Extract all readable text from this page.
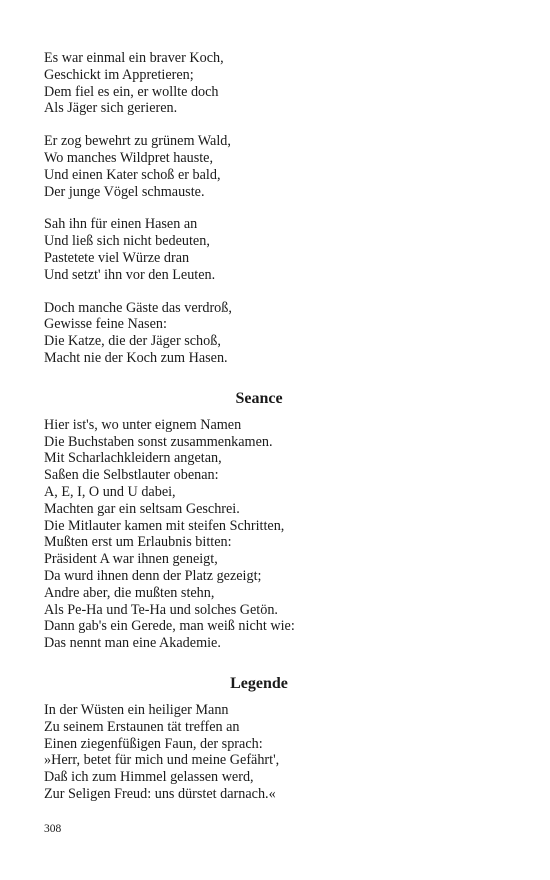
Es war einmal ein braver Koch,
Geschickt im Appretieren;
Dem fiel es ein, er wollte doch
Als Jäger sich gerieren.
Er zog bewehrt zu grünem Wald,
Wo manches Wildpret hauste,
Und einen Kater schoß er bald,
Der junge Vögel schmauste.
Sah ihn für einen Hasen an
Und ließ sich nicht bedeuten,
Pastetete viel Würze dran
Und setzt' ihn vor den Leuten.
Doch manche Gäste das verdroß,
Gewisse feine Nasen:
Die Katze, die der Jäger schoß,
Macht nie der Koch zum Hasen.
Seance
Hier ist's, wo unter eignem Namen
Die Buchstaben sonst zusammenkamen.
Mit Scharlachkleidern angetan,
Saßen die Selbstlauter obenan:
A, E, I, O und U dabei,
Machten gar ein seltsam Geschrei.
Die Mitlauter kamen mit steifen Schritten,
Mußten erst um Erlaubnis bitten:
Präsident A war ihnen geneigt,
Da wurd ihnen denn der Platz gezeigt;
Andre aber, die mußten stehn,
Als Pe-Ha und Te-Ha und solches Getön.
Dann gab's ein Gerede, man weiß nicht wie:
Das nennt man eine Akademie.
Legende
In der Wüsten ein heiliger Mann
Zu seinem Erstaunen tät treffen an
Einen ziegenfüßigen Faun, der sprach:
»Herr, betet für mich und meine Gefährt',
Daß ich zum Himmel gelassen werd,
Zur Seligen Freud: uns dürstet darnach.«
308
